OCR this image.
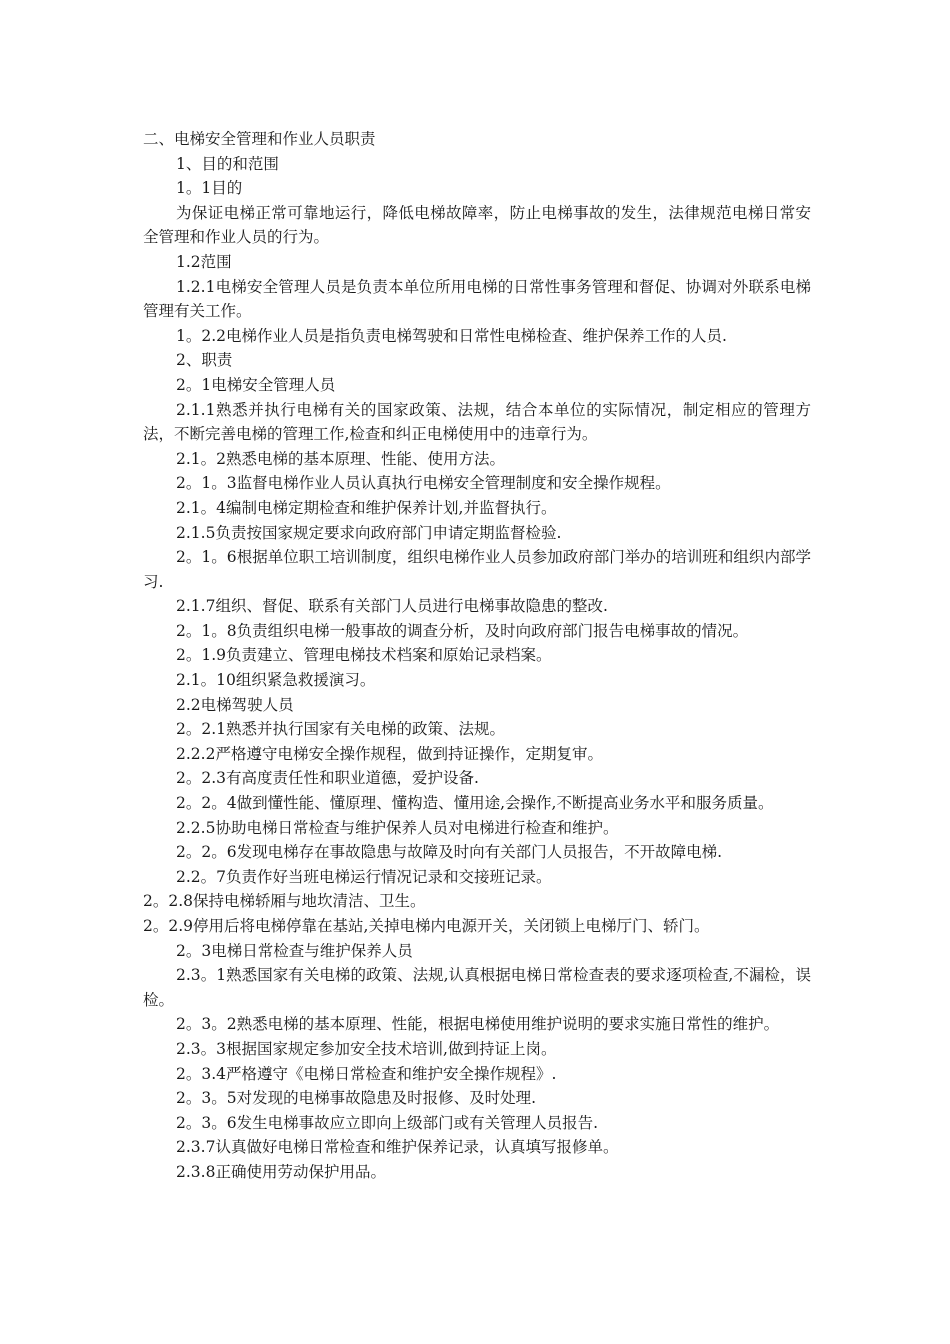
二、电梯安全管理和作业人员职责

1、目的和范围

1。1目的

为保证电梯正常可靠地运行，降低电梯故障率，防止电梯事故的发生，法律规范电梯日常安全管理和作业人员的行为。

1.2范围

1.2.1电梯安全管理人员是负责本单位所用电梯的日常性事务管理和督促、协调对外联系电梯管理有关工作。

1。2.2电梯作业人员是指负责电梯驾驶和日常性电梯检查、维护保养工作的人员.

2、职责

2。1电梯安全管理人员

2.1.1熟悉并执行电梯有关的国家政策、法规，结合本单位的实际情况，制定相应的管理方法，不断完善电梯的管理工作,检查和纠正电梯使用中的违章行为。

2.1。2熟悉电梯的基本原理、性能、使用方法。

2。1。3监督电梯作业人员认真执行电梯安全管理制度和安全操作规程。

2.1。4编制电梯定期检查和维护保养计划,并监督执行。

2.1.5负责按国家规定要求向政府部门申请定期监督检验.

2。1。6根据单位职工培训制度，组织电梯作业人员参加政府部门举办的培训班和组织内部学习.

2.1.7组织、督促、联系有关部门人员进行电梯事故隐患的整改.

2。1。8负责组织电梯一般事故的调查分析，及时向政府部门报告电梯事故的情况。

2。1.9负责建立、管理电梯技术档案和原始记录档案。

2.1。10组织紧急救援演习。

2.2电梯驾驶人员

2。2.1熟悉并执行国家有关电梯的政策、法规。

2.2.2严格遵守电梯安全操作规程，做到持证操作，定期复审。

2。2.3有高度责任性和职业道德，爱护设备.

2。2。4做到懂性能、懂原理、懂构造、懂用途,会操作,不断提高业务水平和服务质量。

2.2.5协助电梯日常检查与维护保养人员对电梯进行检查和维护。

2。2。6发现电梯存在事故隐患与故障及时向有关部门人员报告，不开故障电梯.

2.2。7负责作好当班电梯运行情况记录和交接班记录。

2。2.8保持电梯轿厢与地坎清洁、卫生。

2。2.9停用后将电梯停靠在基站,关掉电梯内电源开关，关闭锁上电梯厅门、轿门。

2。3电梯日常检查与维护保养人员

2.3。1熟悉国家有关电梯的政策、法规,认真根据电梯日常检查表的要求逐项检查,不漏检，误检。

2。3。2熟悉电梯的基本原理、性能，根据电梯使用维护说明的要求实施日常性的维护。

2.3。3根据国家规定参加安全技术培训,做到持证上岗。

2。3.4严格遵守《电梯日常检查和维护安全操作规程》.

2。3。5对发现的电梯事故隐患及时报修、及时处理.

2。3。6发生电梯事故应立即向上级部门或有关管理人员报告.

2.3.7认真做好电梯日常检查和维护保养记录，认真填写报修单。

2.3.8正确使用劳动保护用品。
